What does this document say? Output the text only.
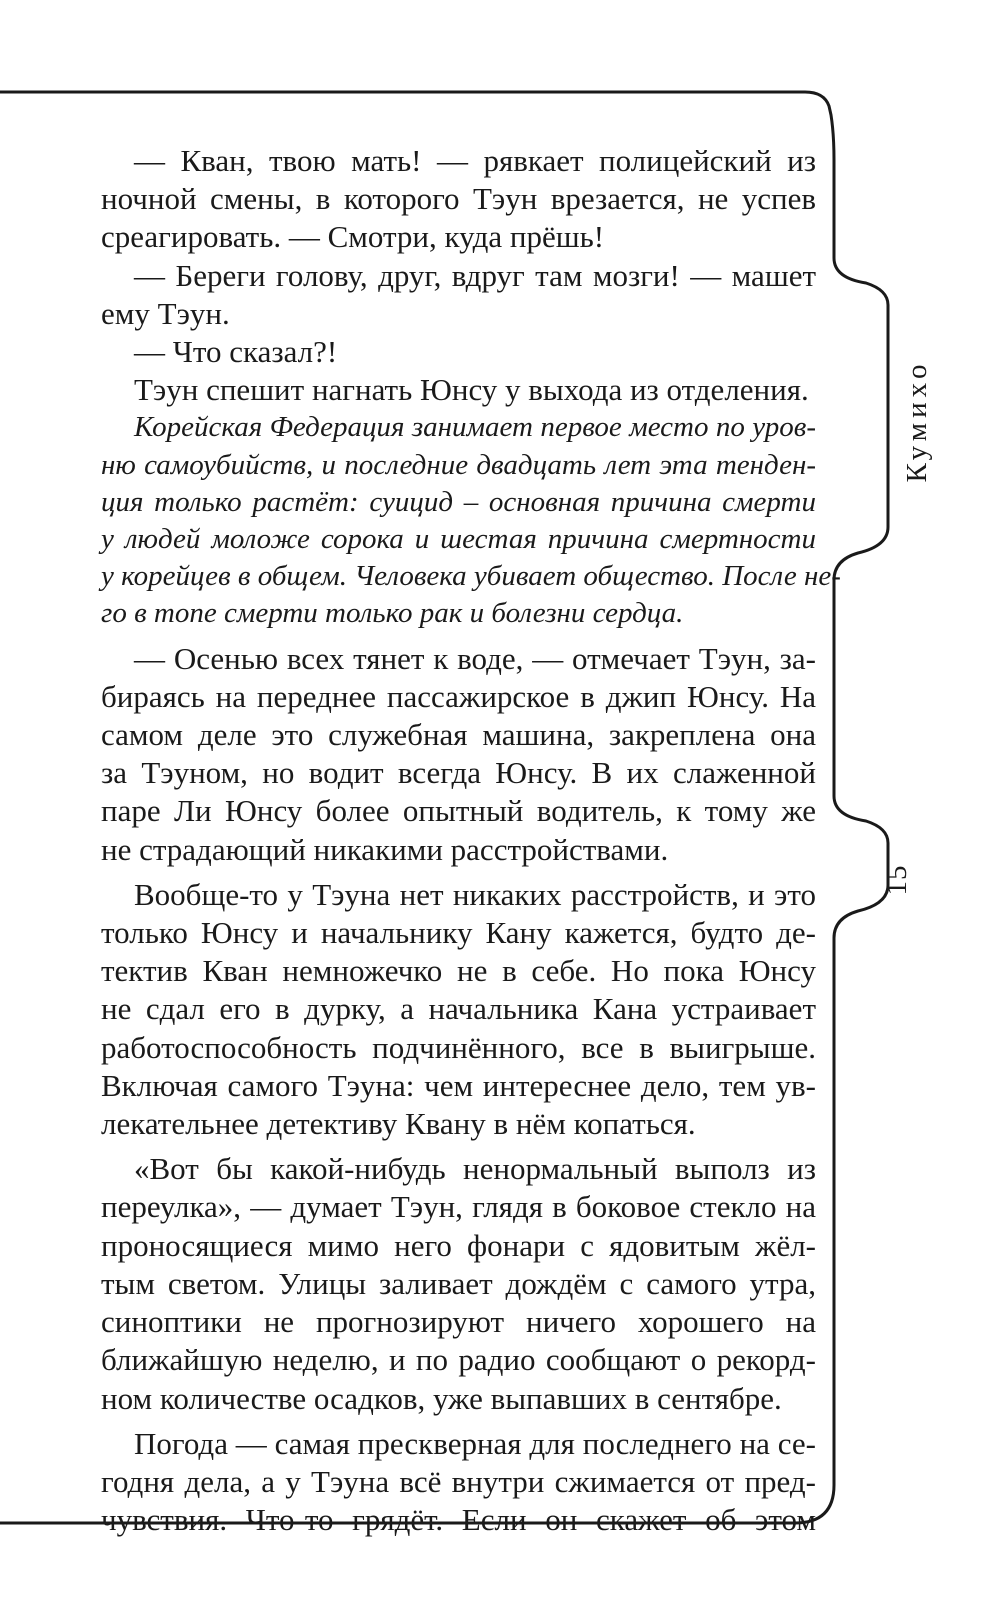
Кумихо
15
— Кван, твою мать! — рявкает полицейский из
ночной смены, в которого Тэун врезается, не успев
среагировать. — Смотри, куда прёшь!
— Береги голову, друг, вдруг там мозги! — машет
ему Тэун.
— Что сказал?!
Тэун спешит нагнать Юнсу у выхода из отделения.
Корейская Федерация занимает первое место по уров-
ню самоубийств, и последние двадцать лет эта тенден-
ция только растёт: суицид – основная причина смерти
у людей моложе сорока и шестая причина смертности
у корейцев в общем. Человека убивает общество. После не-
го в топе смерти только рак и болезни сердца.
— Осенью всех тянет к воде, — отмечает Тэун, за-
бираясь на переднее пассажирское в джип Юнсу. На
самом деле это служебная машина, закреплена она
за Тэуном, но водит всегда Юнсу. В их слаженной
паре Ли Юнсу более опытный водитель, к тому же
не страдающий никакими расстройствами.
Вообще-то у Тэуна нет никаких расстройств, и это
только Юнсу и начальнику Кану кажется, будто де-
тектив Кван немножечко не в себе. Но пока Юнсу
не сдал его в дурку, а начальника Кана устраивает
работоспособность подчинённого, все в выигрыше.
Включая самого Тэуна: чем интереснее дело, тем ув-
лекательнее детективу Квану в нём копаться.
«Вот бы какой-нибудь ненормальный выполз из
переулка», — думает Тэун, глядя в боковое стекло на
проносящиеся мимо него фонари с ядовитым жёл-
тым светом. Улицы заливает дождём с самого утра,
синоптики не прогнозируют ничего хорошего на
ближайшую неделю, и по радио сообщают о рекорд-
ном количестве осадков, уже выпавших в сентябре.
Погода — самая прескверная для последнего на се-
годня дела, а у Тэуна всё внутри сжимается от пред-
чувствия. Что-то грядёт. Если он скажет об этом
